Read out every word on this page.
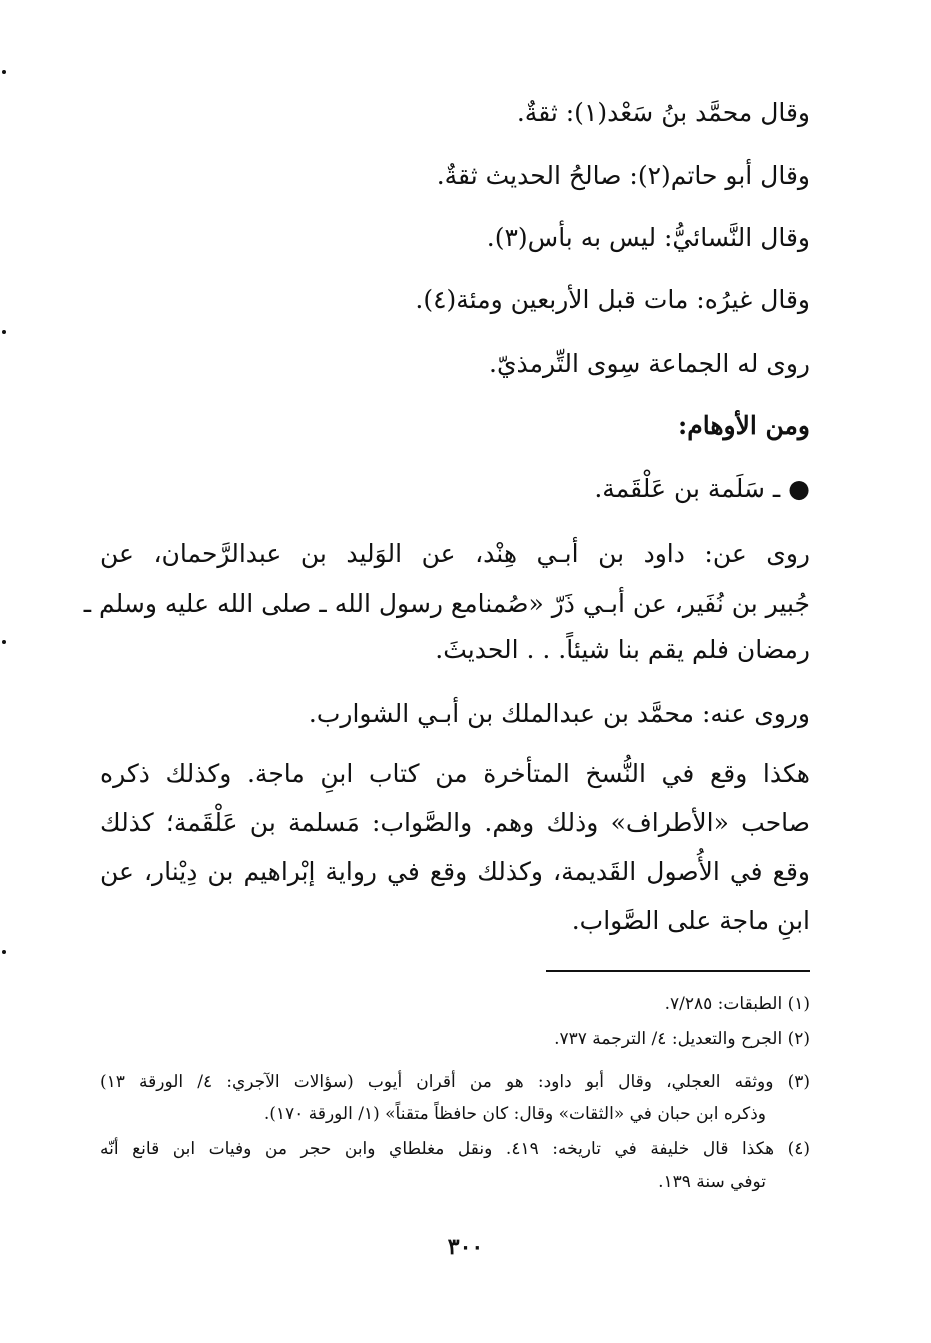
وقال محمَّد بنُ سَعْد(١): ثقةٌ.
وقال أبو حاتم(٢): صالحُ الحديث ثقةٌ.
وقال النَّسائيُّ: ليس به بأس(٣).
وقال غيرُه: مات قبل الأربعين ومئة(٤).
روى له الجماعة سِوى التِّرمذيّ.
ومن الأوهام:
● ـ سَلَمة بن عَلْقَمة.
روى عن: داود بن أبـي هِنْد، عن الوَليد بن عبدالرَّحمان، عن
جُبير بن نُفَير، عن أبـي ذَرّ «صُمنامع رسول الله ـ صلى الله عليه وسلم ـ
رمضان فلم يقم بنا شيئاً. . . الحديثَ.
وروى عنه: محمَّد بن عبدالملك بن أبـي الشوارب.
هكذا وقع في النُّسخ المتأخرة من كتاب ابنِ ماجة. وكذلك ذكره
صاحب «الأطراف» وذلك وهم. والصَّواب: مَسلمة بن عَلْقَمة؛ كذلك
وقع في الأُصول القَديمة، وكذلك وقع في رواية إبْراهيم بن دِيْنار، عن
ابنِ ماجة على الصَّواب.
(١) الطبقات: ٧/٢٨٥.
(٢) الجرح والتعديل: ٤/ الترجمة ٧٣٧.
(٣) ووثقه العجلي، وقال أبو داود: هو من أقران أيوب (سؤالات الآجري: ٤/ الورقة ١٣)
وذكره ابن حبان في «الثقات» وقال: كان حافظاً متقناً» (١/ الورقة ١٧٠).
(٤) هكذا قال خليفة في تاريخه: ٤١٩. ونقل مغلطاي وابن حجر من وفيات ابن قانع أنّه
توفي سنة ١٣٩.
٣٠٠
